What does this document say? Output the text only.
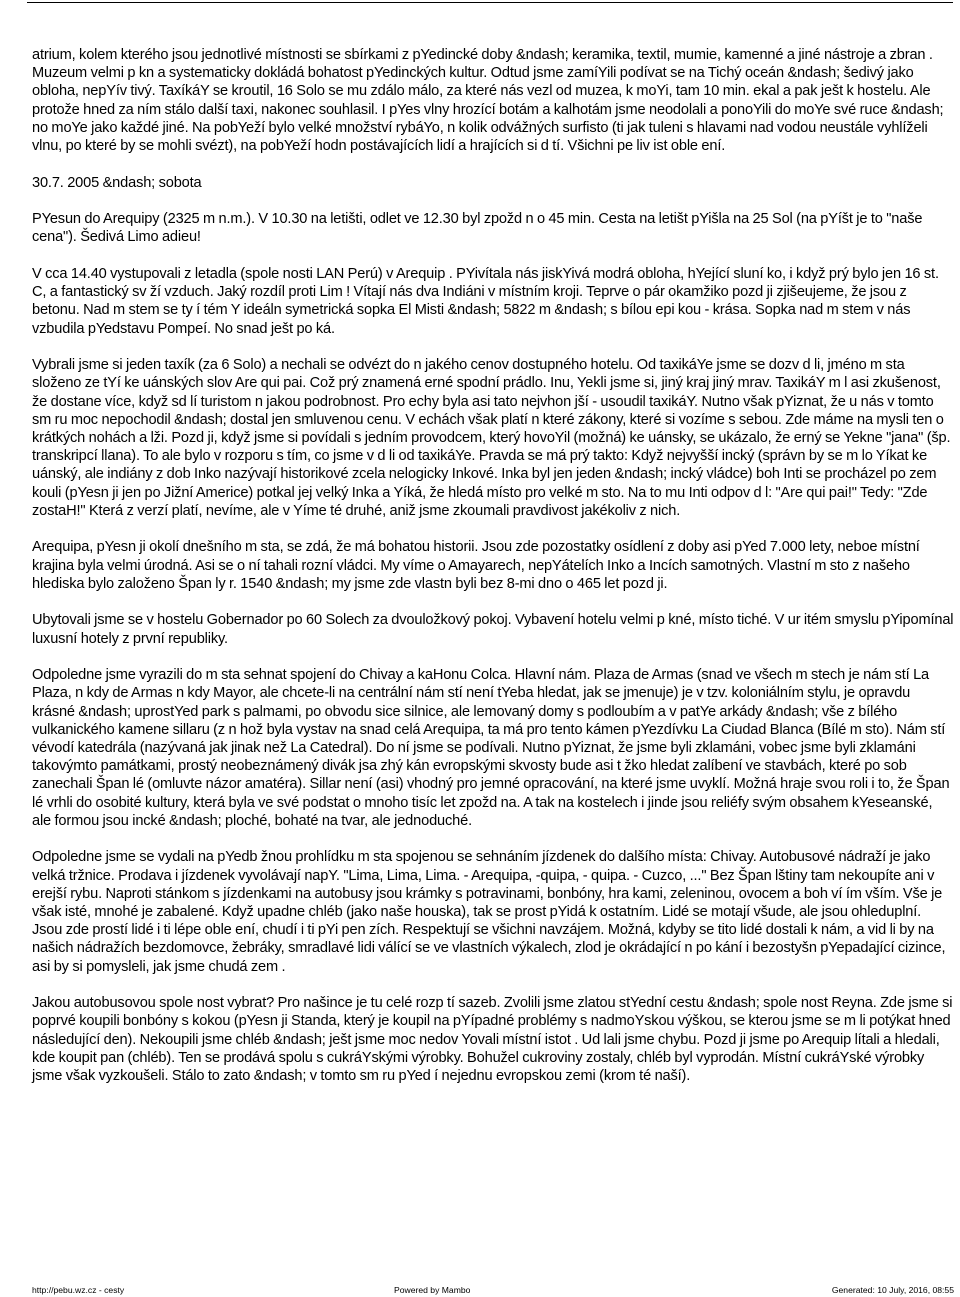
atrium, kolem kterého jsou jednotlivé místnosti se sbírkami z pYedincké doby &ndash; keramika, textil, mumie, kamenné a jiné nástroje a zbran . Muzeum velmi p kn a systematicky dokládá bohatost pYedinckých kultur. Odtud jsme zamíYili podívat se na Tichý oceán &ndash; šedivý jako obloha, nepYív tivý. TaxíkáY se kroutil, 16 Solo se mu zdálo málo, za které nás vezl od muzea, k moYi, tam 10 min. ekal a pak ješt k hostelu. Ale protože hned za ním stálo další taxi, nakonec souhlasil. I pYes vlny hrozící botám a kalhotám jsme neodolali a ponoYili do moYe své ruce &ndash; no moYe jako každé jiné. Na pobYeží bylo velké množství rybáYo, n kolik odvážných surfisto (ti jak tuleni s hlavami nad vodou neustále vyhlíželi vlnu, po které by se mohli svézt), na pobYeží hodn postávajících lidí a hrajících si d tí. Všichni pe liv ist oble ení.

30.7. 2005 &ndash; sobota

PYesun do Arequipy (2325 m n.m.). V 10.30 na letišti, odlet ve 12.30 byl zpožd n o 45 min. Cesta na letišt pYišla na 25 Sol (na pYíšt je to "naše cena"). Šedivá Limo adieu!

V cca 14.40 vystupovali z letadla (spole nosti LAN Perú) v Arequip . PYivítala nás jiskYivá modrá obloha, hYející sluní ko, i když prý bylo jen 16 st. C, a fantastický sv ží vzduch. Jaký rozdíl proti Lim ! Vítají nás dva Indiáni v místním kroji. Teprve o pár okamžiko pozd ji zjišeujeme, že jsou z betonu. Nad m stem se ty í tém Y ideáln symetrická sopka El Misti &ndash; 5822 m &ndash; s bílou epi kou - krása. Sopka nad m stem v nás vzbudila pYedstavu Pompeí. No snad ješt po ká.

Vybrali jsme si jeden taxík (za 6 Solo) a nechali se odvézt do n jakého cenov dostupného hotelu. Od taxikáYe jsme se dozv d li, jméno m sta složeno ze tYí ke uánských slov Are qui pai. Což prý znamená erné spodní prádlo. Inu, Yekli jsme si, jiný kraj jiný mrav. TaxikáY m l asi zkušenost, že dostane více, když sd lí turistom n jakou podrobnost. Pro echy byla asi tato nejvhon jší - usoudil taxikáY. Nutno však pYiznat, že u nás v tomto sm ru moc nepochodil &ndash; dostal jen smluvenou cenu. V echách však platí n které zákony, které si vozíme s sebou. Zde máme na mysli ten o krátkých nohách a lži. Pozd ji, když jsme si povídali s jedním provodcem, který hovoYil (možná) ke uánsky, se ukázalo, že erný se Yekne "jana" (šp. transkripcí llana). To ale bylo v rozporu s tím, co jsme v d li od taxikáYe. Pravda se má prý takto: Když nejvyšší incký (správn by se m lo Yíkat ke uánský, ale indiány z dob Inko nazývají historikové zcela nelogicky Inkové. Inka byl jen jeden &ndash; incký vládce) boh Inti se procházel po zem kouli (pYesn ji jen po Jižní Americe) potkal jej velký Inka a Yíká, že hledá místo pro velké m sto. Na to mu Inti odpov d l: "Are qui pai!" Tedy: "Zde zostaH!" Která z verzí platí, nevíme, ale v Yíme té druhé, aniž jsme zkoumali pravdivost jakékoliv z nich.

Arequipa, pYesn ji okolí dnešního m sta, se zdá, že má bohatou historii. Jsou zde pozostatky osídlení z doby asi pYed 7.000 lety, neboe místní krajina byla velmi úrodná. Asi se o ní tahali rozní vládci. My víme o Amayarech, nepYátelích Inko a Incích samotných. Vlastní m sto z našeho hlediska bylo založeno Špan ly r. 1540 &ndash; my jsme zde vlastn byli bez 8-mi dno o 465 let pozd ji.

Ubytovali jsme se v hostelu Gobernador po 60 Solech za dvouložkový pokoj. Vybavení hotelu velmi p kné, místo tiché. V ur itém smyslu pYipomínal luxusní hotely z první republiky.

Odpoledne jsme vyrazili do m sta sehnat spojení do Chivay a kaHonu Colca. Hlavní nám. Plaza de Armas (snad ve všech m stech je nám stí La Plaza, n kdy de Armas n kdy Mayor, ale chcete-li na centrální nám stí není tYeba hledat, jak se jmenuje) je v tzv. koloniálním stylu, je opravdu krásné &ndash; uprostYed park s palmami, po obvodu sice silnice, ale lemovaný domy s podloubím a v patYe arkády &ndash; vše z bílého vulkanického kamene sillaru (z n hož byla vystav na snad celá Arequipa, ta má pro tento kámen pYezdívku La Ciudad Blanca (Bílé m sto). Nám stí vévodí katedrála (nazývaná jak jinak než La Catedral). Do ní jsme se podívali. Nutno pYiznat, že jsme byli zklamáni, vobec jsme byli zklamáni takovýmto památkami, prostý neobeznámený divák jsa zhý kán evropskými skvosty bude asi t žko hledat zalíbení ve stavbách, které po sob zanechali Špan lé (omluvte názor amatéra). Sillar není (asi) vhodný pro jemné opracování, na které jsme uvyklí. Možná hraje svou roli i to, že Špan lé vrhli do osobité kultury, která byla ve své podstat o mnoho tisíc let zpožd na. A tak na kostelech i jinde jsou reliéfy svým obsahem kYeseanské, ale formou jsou incké &ndash; ploché, bohaté na tvar, ale jednoduché.

Odpoledne jsme se vydali na pYedb žnou prohlídku m sta spojenou se sehnáním jízdenek do dalšího místa: Chivay. Autobusové nádraží je jako velká tržnice. Prodava i jízdenek vyvolávají napY. "Lima, Lima, Lima. - Arequipa, -quipa, - quipa. - Cuzco, ..." Bez Špan lštiny tam nekoupíte ani v erejší rybu. Naproti stánkom s jízdenkami na autobusy jsou krámky s potravinami, bonbóny, hra kami, zeleninou, ovocem a boh ví ím vším. Vše je však isté, mnohé je zabalené. Když upadne chléb (jako naše houska), tak se prost pYidá k ostatním. Lidé se motají všude, ale jsou ohleduplní. Jsou zde prostí lidé i ti lépe oble ení, chudí i ti pYi pen zích. Respektují se všichni navzájem. Možná, kdyby se tito lidé dostali k nám, a vid li by na našich nádražích bezdomovce, žebráky, smradlavé lidi válící se ve vlastních výkalech, zlod je okrádající n po kání i bezostyšn pYepadající cizince, asi by si pomysleli, jak jsme chudá zem .

Jakou autobusovou spole nost vybrat? Pro našince je tu celé rozp tí sazeb. Zvolili jsme zlatou stYední cestu &ndash; spole nost Reyna. Zde jsme si poprvé koupili bonbóny s kokou (pYesn ji Standa, který je koupil na pYípadné problémy s nadmoYskou výškou, se kterou jsme se m li potýkat hned následující den). Nekoupili jsme chléb &ndash; ješt jsme moc nedov Yovali místní istot . Ud lali jsme chybu. Pozd ji jsme po Arequip lítali a hledali, kde koupit pan (chléb). Ten se prodává spolu s cukráYskými výrobky. Bohužel cukroviny zostaly, chléb byl vyprodán. Místní cukráYské výrobky jsme však vyzkoušeli. Stálo to zato &ndash; v tomto sm ru pYed í nejednu evropskou zemi (krom té naší).

http://pebu.wz.cz - cesty	Powered by Mambo	Generated: 10 July, 2016, 08:55
